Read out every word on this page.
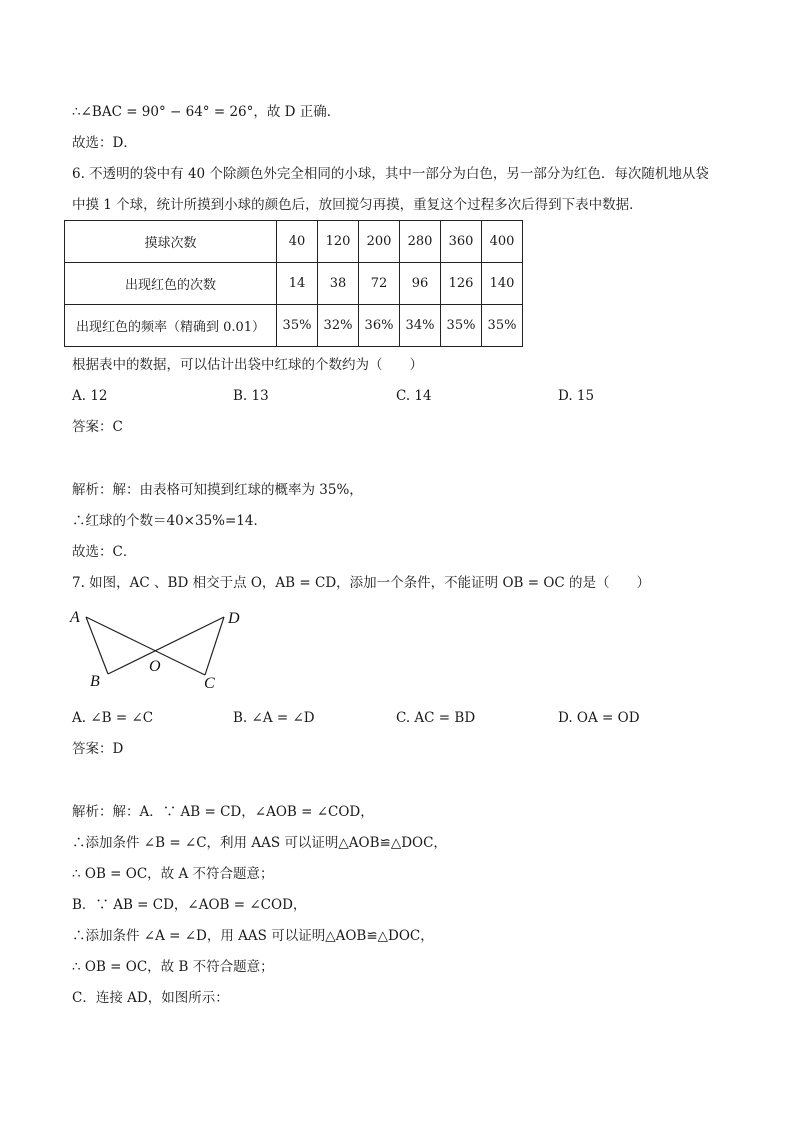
∴∠BAC = 90° − 64° = 26°，故 D 正确．
故选：D．
6. 不透明的袋中有 40 个除颜色外完全相同的小球，其中一部分为白色，另一部分为红色．每次随机地从袋
中摸 1 个球，统计所摸到小球的颜色后，放回搅匀再摸，重复这个过程多次后得到下表中数据．
摸球次数	40	120	200	280	360	400
出现红色的次数	14	38	72	96	126	140
出现红色的频率（精确到 0.01）	35%	32%	36%	34%	35%	35%
根据表中的数据，可以估计出袋中红球的个数约为（　　）
A. 12	B. 13	C. 14	D. 15
答案：C
解析：解：由表格可知摸到红球的概率为 35%，
∴红球的个数＝40×35%=14．
故选：C．
7. 如图，AC 、BD 相交于点 O，AB = CD，添加一个条件，不能证明 OB = OC 的是（　　）
A	D
O
B	C
A. ∠B = ∠C	B. ∠A = ∠D	C. AC = BD	D. OA = OD
答案：D
解析：解：A．∵ AB = CD，∠AOB = ∠COD，
∴添加条件 ∠B = ∠C，利用 AAS 可以证明△AOB≌△DOC，
∴ OB = OC，故 A 不符合题意；
B．∵ AB = CD，∠AOB = ∠COD，
∴添加条件 ∠A = ∠D，用 AAS 可以证明△AOB≌△DOC，
∴ OB = OC，故 B 不符合题意；
C．连接 AD，如图所示：
